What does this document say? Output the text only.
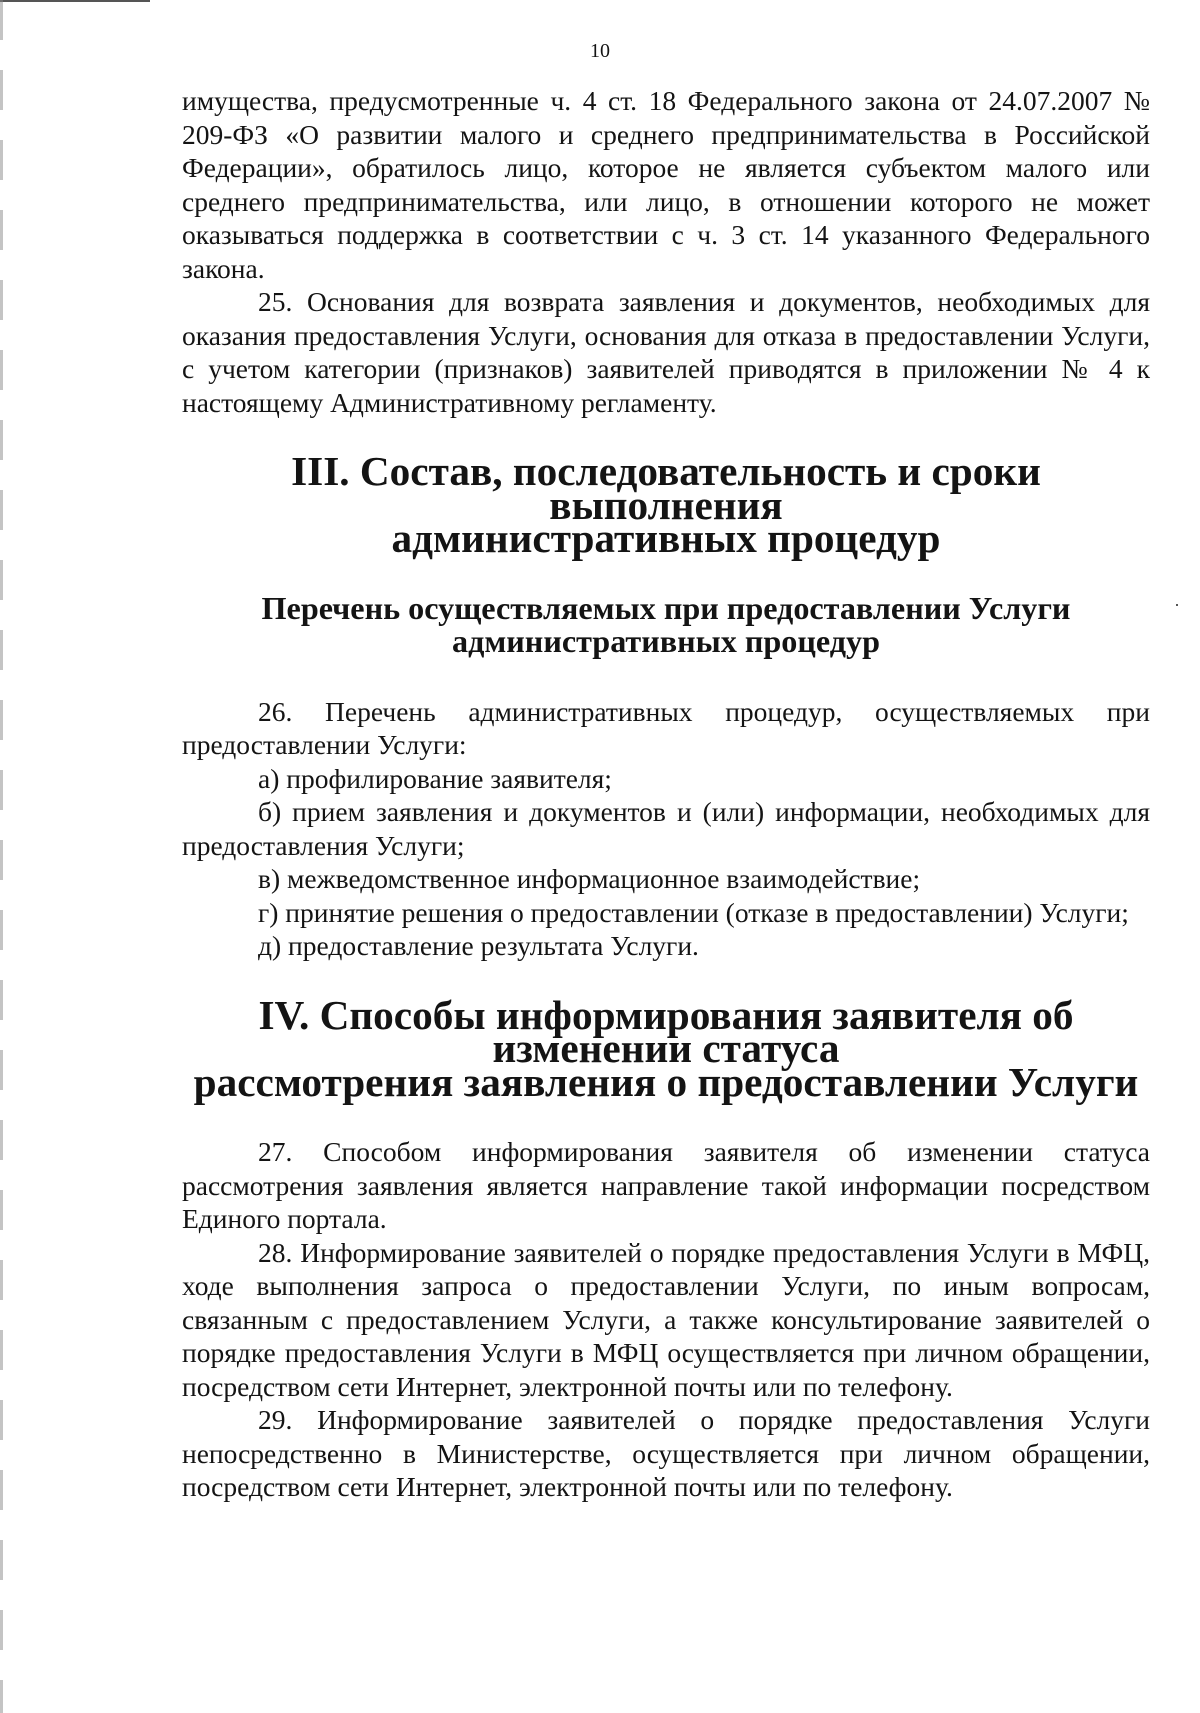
10

имущества, предусмотренные ч. 4 ст. 18 Федерального закона от 24.07.2007 № 209-ФЗ «О развитии малого и среднего предпринимательства в Российской Федерации», обратилось лицо, которое не является субъектом малого или среднего предпринимательства, или лицо, в отношении которого не может оказываться поддержка в соответствии с ч. 3 ст. 14 указанного Федерального закона.

25. Основания для возврата заявления и документов, необходимых для оказания предоставления Услуги, основания для отказа в предоставлении Услуги, с учетом категории (признаков) заявителей приводятся в приложении № 4 к настоящему Административному регламенту.

III. Состав, последовательность и сроки выполнения
административных процедур
Перечень осуществляемых при предоставлении Услуги
административных процедур

26. Перечень административных процедур, осуществляемых при предоставлении Услуги:

а) профилирование заявителя;

б) прием заявления и документов и (или) информации, необходимых для предоставления Услуги;

в) межведомственное информационное взаимодействие;

г) принятие решения о предоставлении (отказе в предоставлении) Услуги;

д) предоставление результата Услуги.

IV. Способы информирования заявителя об изменении статуса
рассмотрения заявления о предоставлении Услуги

27. Способом информирования заявителя об изменении статуса рассмотрения заявления является направление такой информации посредством Единого портала.

28. Информирование заявителей о порядке предоставления Услуги в МФЦ, ходе выполнения запроса о предоставлении Услуги, по иным вопросам, связанным с предоставлением Услуги, а также консультирование заявителей о порядке предоставления Услуги в МФЦ осуществляется при личном обращении, посредством сети Интернет, электронной почты или по телефону.

29. Информирование заявителей о порядке предоставления Услуги непосредственно в Министерстве, осуществляется при личном обращении, посредством сети Интернет, электронной почты или по телефону.
